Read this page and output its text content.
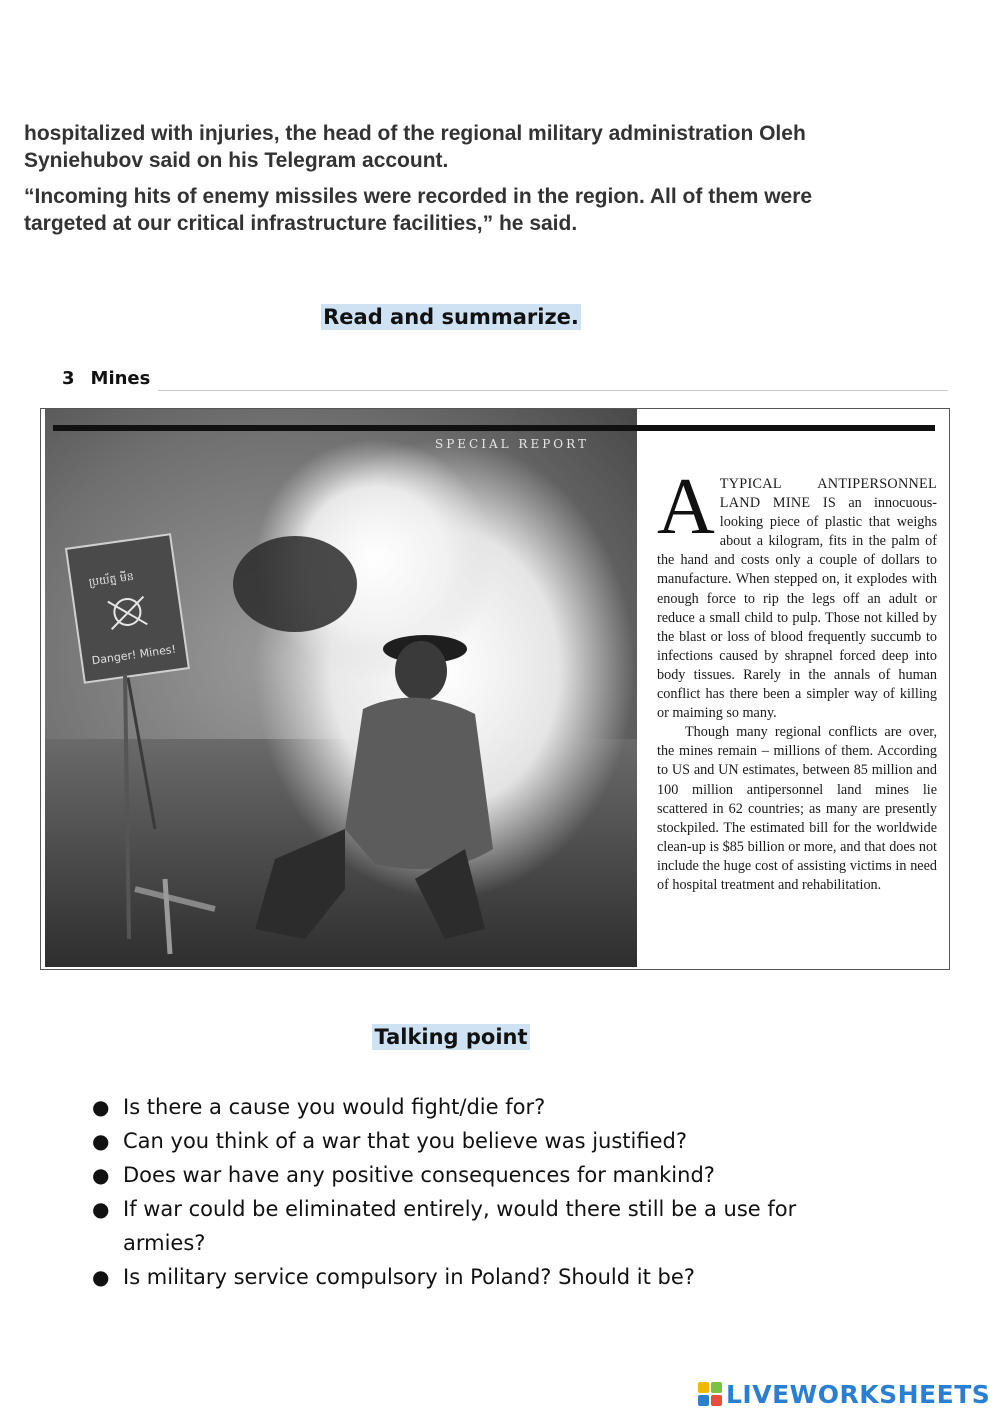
hospitalized with injuries, the head of the regional military administration Oleh Syniehubov said on his Telegram account.

“Incoming hits of enemy missiles were recorded in the region. All of them were targeted at our critical infrastructure facilities,” he said.

Read and summarize.
3 Mines
ប្រយ័ត្ន មីន
Danger! Mines!
SPECIAL REPORT

ATYPICAL ANTIPERSONNEL LAND MINE IS an innocuous-looking piece of plastic that weighs about a kilogram, fits in the palm of the hand and costs only a couple of dollars to manufacture. When stepped on, it explodes with enough force to rip the legs off an adult or reduce a small child to pulp. Those not killed by the blast or loss of blood frequently succumb to infections caused by shrapnel forced deep into body tissues. Rarely in the annals of human conflict has there been a simpler way of killing or maiming so many.

Though many regional conflicts are over, the mines remain – millions of them. According to US and UN estimates, between 85 million and 100 million antipersonnel land mines lie scattered in 62 countries; as many are presently stockpiled. The estimated bill for the worldwide clean-up is $85 billion or more, and that does not include the huge cost of assisting victims in need of hospital treatment and rehabilitation.

Talking point
● Is there a cause you would fight/die for?
● Can you think of a war that you believe was justified?
● Does war have any positive consequences for mankind?
● If war could be eliminated entirely, would there still be a use for armies?
● Is military service compulsory in Poland? Should it be?
LIVEWORKSHEETS
